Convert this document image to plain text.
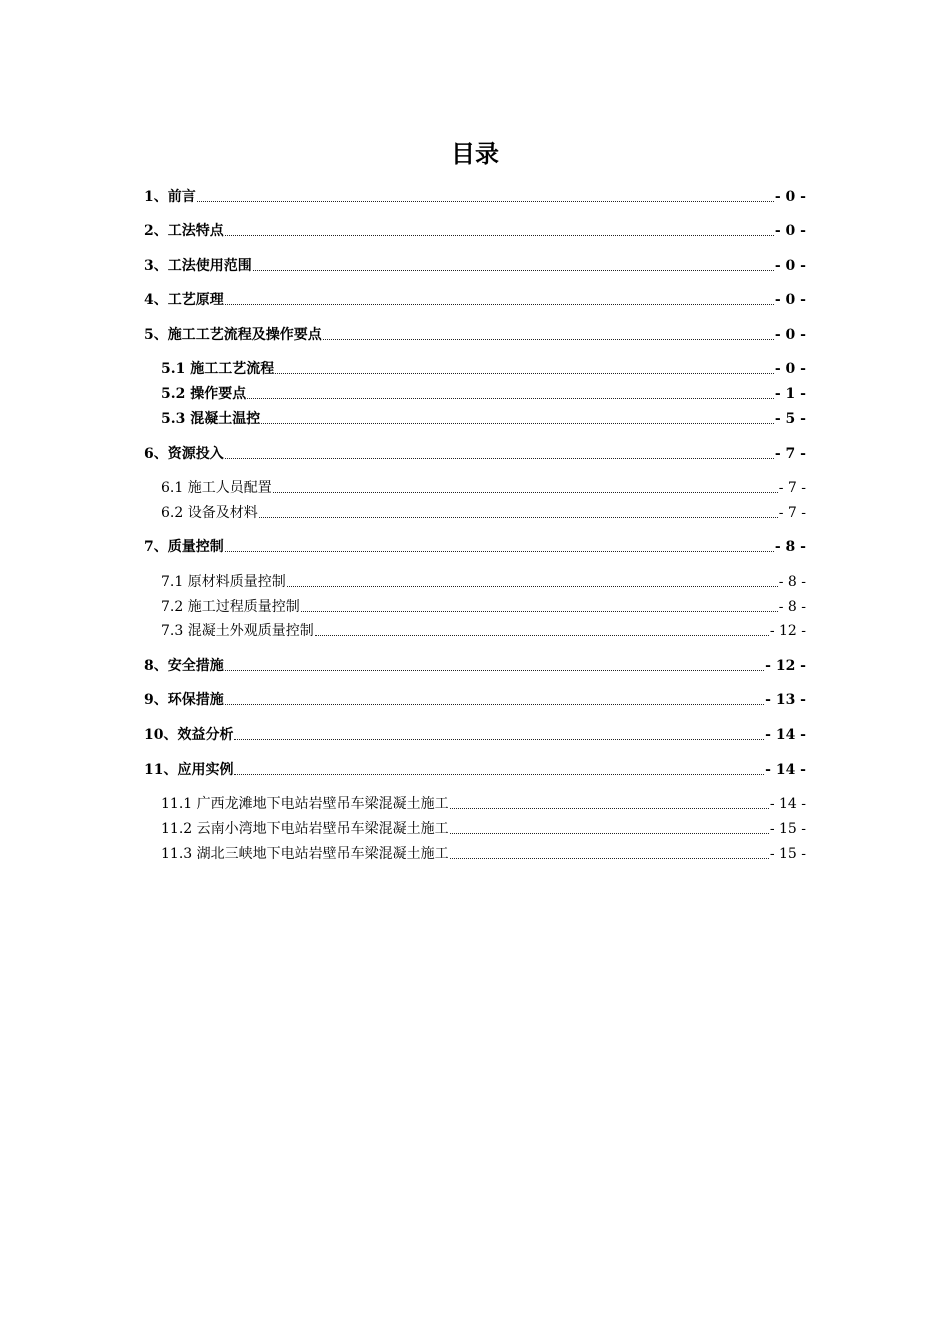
目录
1、前言	- 0 -
2、工法特点	- 0 -
3、工法使用范围	- 0 -
4、工艺原理	- 0 -
5、施工工艺流程及操作要点	- 0 -
5.1 施工工艺流程	- 0 -
5.2 操作要点	- 1 -
5.3 混凝土温控	- 5 -
6、资源投入	- 7 -
6.1 施工人员配置	- 7 -
6.2 设备及材料	- 7 -
7、质量控制	- 8 -
7.1 原材料质量控制	- 8 -
7.2 施工过程质量控制	- 8 -
7.3 混凝土外观质量控制	- 12 -
8、安全措施	- 12 -
9、环保措施	- 13 -
10、效益分析	- 14 -
11、应用实例	- 14 -
11.1 广西龙滩地下电站岩壁吊车梁混凝土施工	- 14 -
11.2 云南小湾地下电站岩壁吊车梁混凝土施工	- 15 -
11.3 湖北三峡地下电站岩壁吊车梁混凝土施工	- 15 -
